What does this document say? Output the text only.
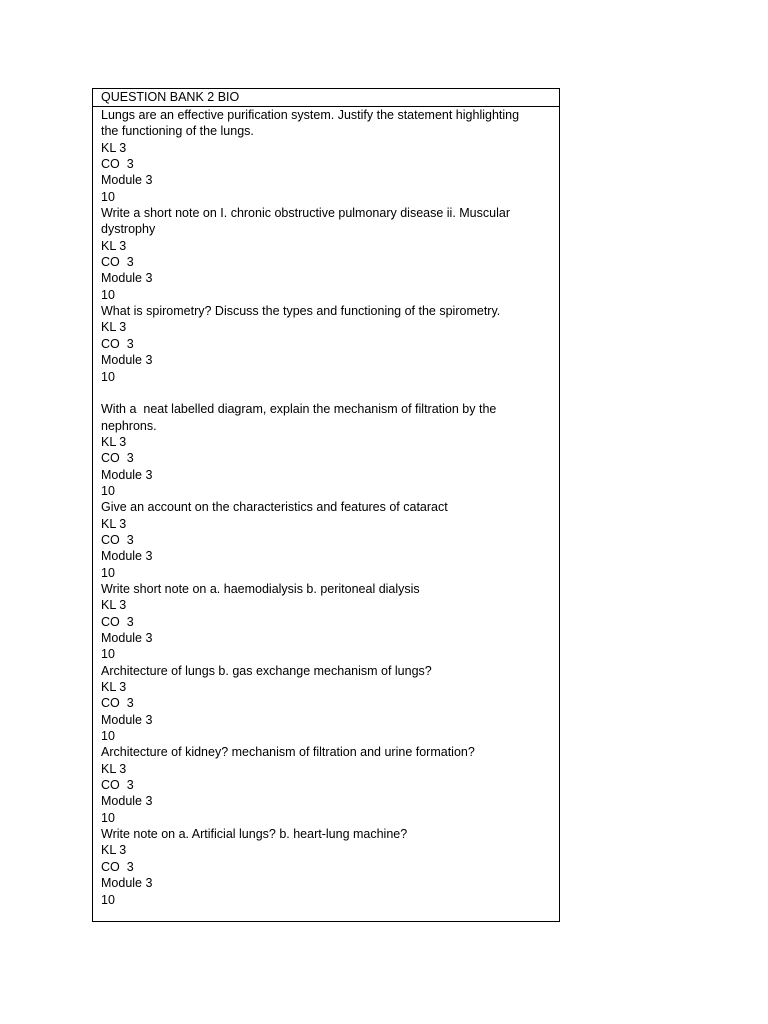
QUESTION BANK 2 BIO
Lungs are an effective purification system. Justify the statement highlighting
the functioning of the lungs.
KL 3
CO  3
Module 3
10
Write a short note on I. chronic obstructive pulmonary disease ii. Muscular
dystrophy
KL 3
CO  3
Module 3
10
What is spirometry? Discuss the types and functioning of the spirometry.
KL 3
CO  3
Module 3
10
With a  neat labelled diagram, explain the mechanism of filtration by the
nephrons.
KL 3
CO  3
Module 3
10
Give an account on the characteristics and features of cataract
KL 3
CO  3
Module 3
10
Write short note on a. haemodialysis b. peritoneal dialysis
KL 3
CO  3
Module 3
10
Architecture of lungs b. gas exchange mechanism of lungs?
KL 3
CO  3
Module 3
10
Architecture of kidney? mechanism of filtration and urine formation?
KL 3
CO  3
Module 3
10
Write note on a. Artificial lungs? b. heart-lung machine?
KL 3
CO  3
Module 3
10
